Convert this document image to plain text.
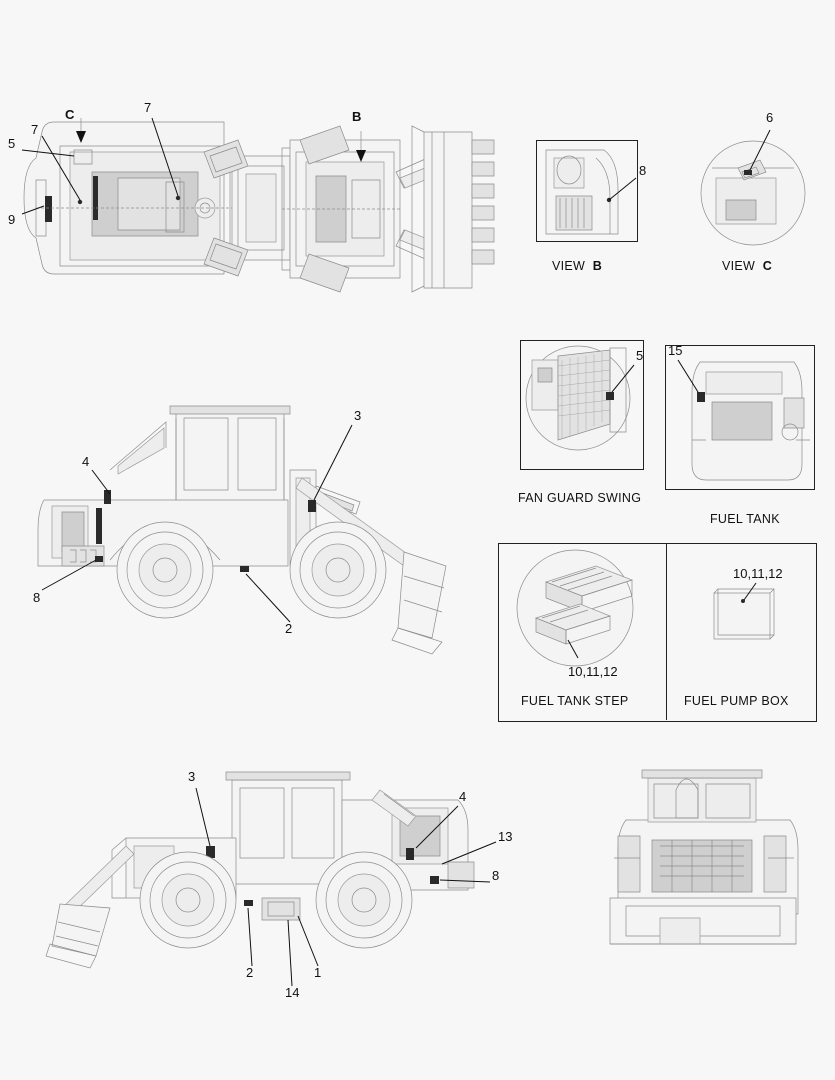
5
9
7
7
C	B
8
VIEW B
6
VIEW C
3
4
8
2
5
FAN GUARD SWING
15
FUEL TANK
10,11,12
10,11,12
FUEL TANK STEP	FUEL PUMP BOX
3
4
13
8
2	1
14
